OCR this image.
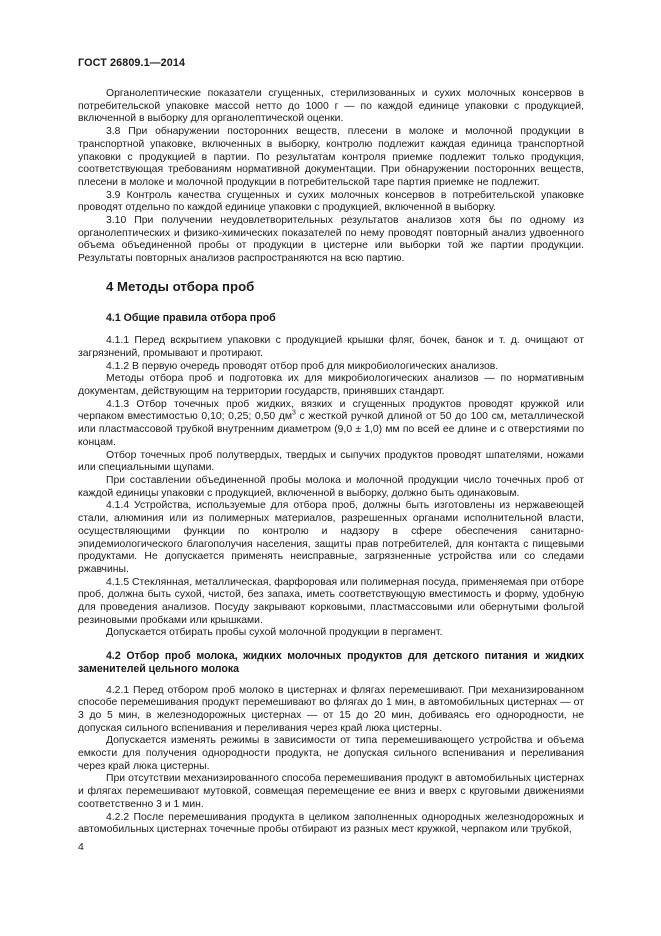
ГОСТ 26809.1—2014

Органолептические показатели сгущенных, стерилизованных и сухих молочных консервов в потребительской упаковке массой нетто до 1000 г — по каждой единице упаковки с продукцией, включенной в выборку для органолептической оценки.

3.8 При обнаружении посторонних веществ, плесени в молоке и молочной продукции в транспортной упаковке, включенных в выборку, контролю подлежит каждая единица транспортной упаковки с продукцией в партии. По результатам контроля приемке подлежит только продукция, соответствующая требованиям нормативной документации. При обнаружении посторонних веществ, плесени в молоке и молочной продукции в потребительской таре партия приемке не подлежит.

3.9 Контроль качества сгущенных и сухих молочных консервов в потребительской упаковке проводят отдельно по каждой единице упаковки с продукцией, включенной в выборку.

3.10 При получении неудовлетворительных результатов анализов хотя бы по одному из органолептических и физико-химических показателей по нему проводят повторный анализ удвоенного объема объединенной пробы от продукции в цистерне или выборки той же партии продукции. Результаты повторных анализов распространяются на всю партию.

4 Методы отбора проб
4.1 Общие правила отбора проб

4.1.1 Перед вскрытием упаковки с продукцией крышки фляг, бочек, банок и т. д. очищают от загрязнений, промывают и протирают.

4.1.2 В первую очередь проводят отбор проб для микробиологических анализов.

Методы отбора проб и подготовка их для микробиологических анализов — по нормативным документам, действующим на территории государств, принявших стандарт.

4.1.3 Отбор точечных проб жидких, вязких и сгущенных продуктов проводят кружкой или черпаком вместимостью 0,10; 0,25; 0,50 $дм^3$ с жесткой ручкой длиной от 50 до 100 см, металлической или пластмассовой трубкой внутренним диаметром (9,0 ± 1,0) мм по всей ее длине и с отверстиями по концам.

Отбор точечных проб полутвердых, твердых и сыпучих продуктов проводят шпателями, ножами или специальными щупами.

При составлении объединенной пробы молока и молочной продукции число точечных проб от каждой единицы упаковки с продукцией, включенной в выборку, должно быть одинаковым.

4.1.4 Устройства, используемые для отбора проб, должны быть изготовлены из нержавеющей стали, алюминия или из полимерных материалов, разрешенных органами исполнительной власти, осуществляющими функции по контролю и надзору в сфере обеспечения санитарно-эпидемиологического благополучия населения, защиты прав потребителей, для контакта с пищевыми продуктами. Не допускается применять неисправные, загрязненные устройства или со следами ржавчины.

4.1.5 Стеклянная, металлическая, фарфоровая или полимерная посуда, применяемая при отборе проб, должна быть сухой, чистой, без запаха, иметь соответствующую вместимость и форму, удобную для проведения анализов. Посуду закрывают корковыми, пластмассовыми или обернутыми фольгой резиновыми пробками или крышками.

Допускается отбирать пробы сухой молочной продукции в пергамент.

4.2 Отбор проб молока, жидких молочных продуктов для детского питания и жидких заменителей цельного молока

4.2.1 Перед отбором проб молоко в цистернах и флягах перемешивают. При механизированном способе перемешивания продукт перемешивают во флягах до 1 мин, в автомобильных цистернах — от 3 до 5 мин, в железнодорожных цистернах — от 15 до 20 мин, добиваясь его однородности, не допуская сильного вспенивания и переливания через край люка цистерны.

Допускается изменять режимы в зависимости от типа перемешивающего устройства и объема емкости для получения однородности продукта, не допуская сильного вспенивания и переливания через край люка цистерны.

При отсутствии механизированного способа перемешивания продукт в автомобильных цистернах и флягах перемешивают мутовкой, совмещая перемещение ее вниз и вверх с круговыми движениями соответственно 3 и 1 мин.

4.2.2 После перемешивания продукта в целиком заполненных однородных железнодорожных и автомобильных цистернах точечные пробы отбирают из разных мест кружкой, черпаком или трубкой,

4
